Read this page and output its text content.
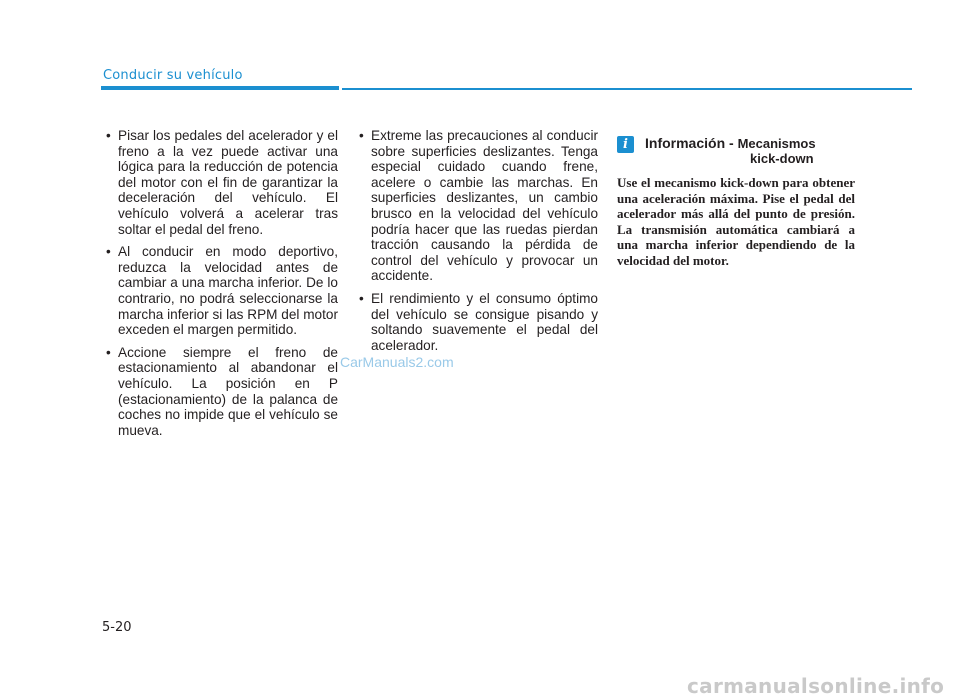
Conducir su vehículo
• Pisar los pedales del acelerador y el freno a la vez puede activar una lógica para la reducción de potencia del motor con el fin de garantizar la deceleración del vehículo. El vehículo volverá a acelerar tras soltar el pedal del freno.
• Al conducir en modo deportivo, reduzca la velocidad antes de cambiar a una marcha inferior. De lo contrario, no podrá seleccionarse la marcha inferior si las RPM del motor exceden el margen permitido.
• Accione siempre el freno de estacionamiento al abandonar el vehículo. La posición en P (estacionamiento) de la palanca de coches no impide que el vehículo se mueva.
• Extreme las precauciones al conducir sobre superficies deslizantes. Tenga especial cuidado cuando frene, acelere o cambie las marchas. En superficies deslizantes, un cambio brusco en la velocidad del vehículo podría hacer que las ruedas pierdan tracción causando la pérdida de control del vehículo y provocar un accidente.
• El rendimiento y el consumo óptimo del vehículo se consigue pisando y soltando suavemente el pedal del acelerador.
i	Información - Mecanismos
kick-down
Use el mecanismo kick-down para obtener una aceleración máxima. Pise el pedal del acelerador más allá del punto de presión. La transmisión automática cambiará a una marcha inferior dependiendo de la velocidad del motor.
CarManuals2.com
5-20
carmanualsonline.info
